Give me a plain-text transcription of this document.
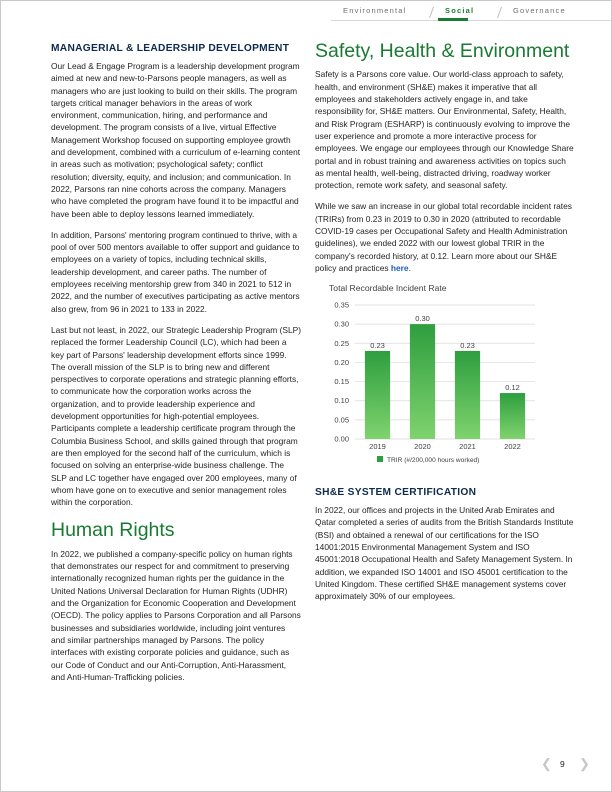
Environmental	Social	Governance
MANAGERIAL & LEADERSHIP DEVELOPMENT

Our Lead & Engage Program is a leadership development program aimed at new and new-to-Parsons people managers, as well as managers who are just looking to build on their skills. The program targets critical manager behaviors in the areas of work environment, communication, hiring, and performance and development. The program consists of a live, virtual Effective Management Workshop focused on supporting employee growth and development, combined with a curriculum of e-learning content in areas such as motivation; psychological safety; conflict resolution; diversity, equity, and inclusion; and communication. In 2022, Parsons ran nine cohorts across the company. Managers who have completed the program have found it to be impactful and have been able to deploy lessons learned immediately.

In addition, Parsons' mentoring program continued to thrive, with a pool of over 500 mentors available to offer support and guidance to employees on a variety of topics, including technical skills, leadership development, and career paths. The number of employees receiving mentorship grew from 340 in 2021 to 512 in 2022, and the number of executives participating as active mentors also grew, from 96 in 2021 to 133 in 2022.

Last but not least, in 2022, our Strategic Leadership Program (SLP) replaced the former Leadership Council (LC), which had been a key part of Parsons' leadership development efforts since 1999. The overall mission of the SLP is to bring new and different perspectives to corporate operations and strategic planning efforts, to communicate how the corporation works across the organization, and to provide leadership experience and development opportunities for high-potential employees. Participants complete a leadership certificate program through the Columbia Business School, and skills gained through that program are then employed for the second half of the curriculum, which is focused on solving an enterprise-wide business challenge. The SLP and LC together have engaged over 200 employees, many of whom have gone on to executive and senior management roles within the corporation.

Human Rights

In 2022, we published a company-specific policy on human rights that demonstrates our respect for and commitment to preserving internationally recognized human rights per the guidance in the United Nations Universal Declaration for Human Rights (UDHR) and the Organization for Economic Cooperation and Development (OECD). The policy applies to Parsons Corporation and all Parsons businesses and subsidiaries worldwide, including joint ventures and similar partnerships managed by Parsons. The policy interfaces with existing corporate policies and guidance, such as our Code of Conduct and our Anti-Corruption, Anti-Harassment, and Anti-Human-Trafficking policies.

Safety, Health & Environment

Safety is a Parsons core value. Our world-class approach to safety, health, and environment (SH&E) makes it imperative that all employees and stakeholders actively engage in, and take responsibility for, SH&E matters. Our Environmental, Safety, Health, and Risk Program (ESHARP) is continuously evolving to improve the user experience and promote a more interactive process for employees. We engage our employees through our Knowledge Share portal and in robust training and awareness activities on topics such as mental health, well-being, distracted driving, roadway worker protection, remote work safety, and seasonal safety.

While we saw an increase in our global total recordable incident rates (TRIRs) from 0.23 in 2019 to 0.30 in 2020 (attributed to recordable COVID-19 cases per Occupational Safety and Health Administration guidelines), we ended 2022 with our lowest global TRIR in the company's recorded history, at 0.12. Learn more about our SH&E policy and practices here.

Total Recordable Incident Rate
0.00
0.05
0.10
0.15
0.20
0.25
0.30
0.35
0.23
2019
0.30
2020
0.23
2021
0.12
2022
TRIR (#/200,000 hours worked)
SH&E SYSTEM CERTIFICATION

In 2022, our offices and projects in the United Arab Emirates and Qatar completed a series of audits from the British Standards Institute (BSI) and obtained a renewal of our certifications for the ISO 14001:2015 Environmental Management System and ISO 45001:2018 Occupational Health and Safety Management System. In addition, we expanded ISO 14001 and ISO 45001 certification to the United Kingdom. These certified SH&E management systems cover approximately 30% of our employees.

❮ 9 ❯
